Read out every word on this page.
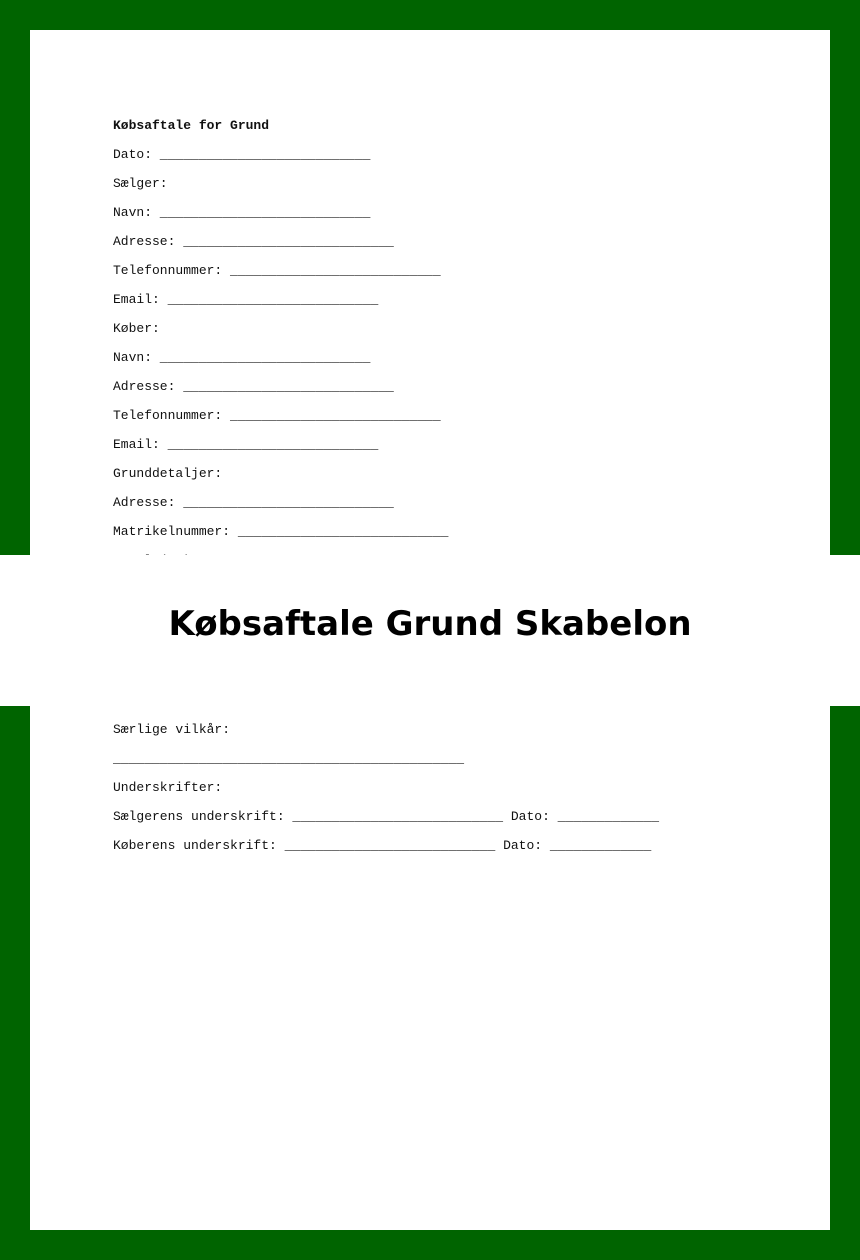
Købsaftale for Grund
Dato: ___________________________
Sælger:
Navn: ___________________________
Adresse: ___________________________
Telefonnummer: ___________________________
Email: ___________________________
Køber:
Navn: ___________________________
Adresse: ___________________________
Telefonnummer: ___________________________
Email: ___________________________
Grunddetaljer:
Adresse: ___________________________
Matrikelnummer: ___________________________
Købsaftale Grund Skabelon
Særlige vilkår:
_____________________________________________
Underskrifter:
Sælgerens underskrift: ___________________________ Dato: _____________
Køberens underskrift: ___________________________ Dato: _____________
